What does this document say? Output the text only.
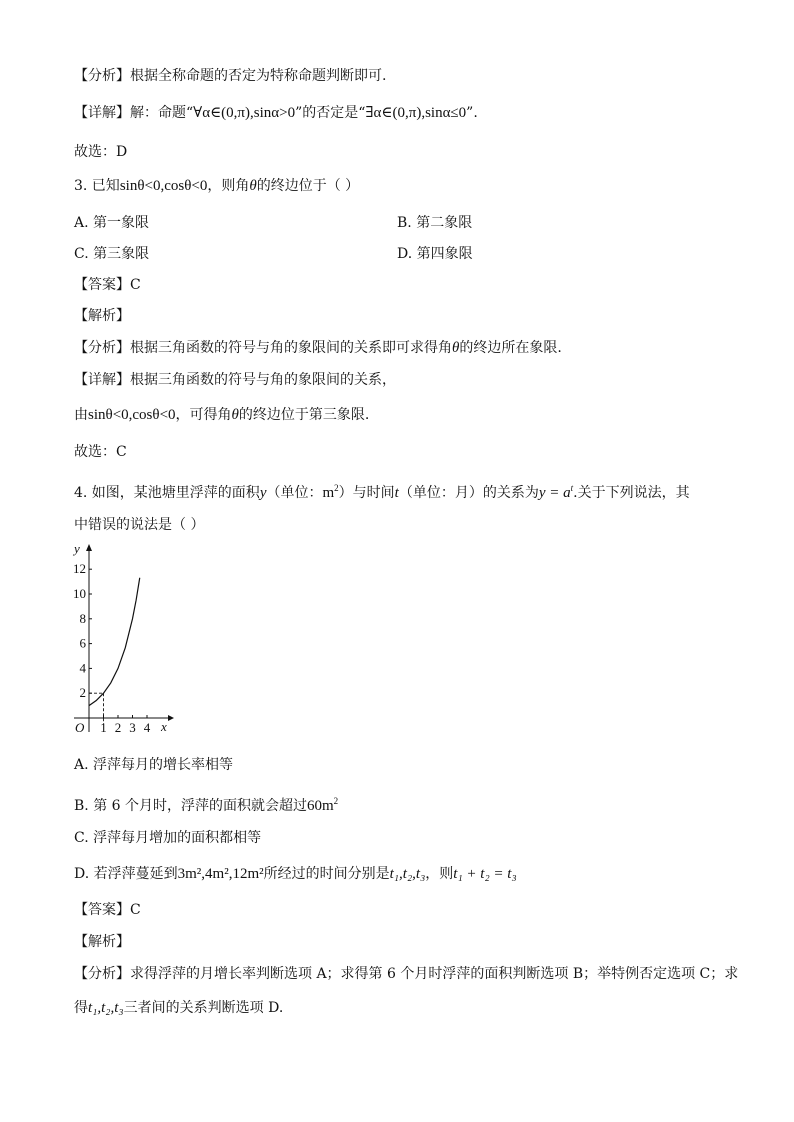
【分析】根据全称命题的否定为特称命题判断即可.
【详解】解：命题“∀α∈(0,π),sinα>0”的否定是“∃α∈(0,π),sinα≤0”.
故选：D
3. 已知sinθ<0,cosθ<0，则角θ的终边位于（ ）
A. 第一象限	B. 第二象限
C. 第三象限	D. 第四象限
【答案】C
【解析】
【分析】根据三角函数的符号与角的象限间的关系即可求得角θ的终边所在象限.
【详解】根据三角函数的符号与角的象限间的关系，
由sinθ<0,cosθ<0，可得角θ的终边位于第三象限.
故选：C
4. 如图，某池塘里浮萍的面积y（单位：$m^2$）与时间t（单位：月）的关系为$y = a^t$.关于下列说法，其
中错误的说法是（ ）
y
x
O
2
4
6
8
10
12
1 2 3 4
A. 浮萍每月的增长率相等
B. 第 6 个月时，浮萍的面积就会超过$60m^2$
C. 浮萍每月增加的面积都相等
D. 若浮萍蔓延到3m²,4m²,12m²所经过的时间分别是t₁,t₂,t₃，则t₁ + t₂ = t₃
【答案】C
【解析】
【分析】求得浮萍的月增长率判断选项 A；求得第 6 个月时浮萍的面积判断选项 B；举特例否定选项 C；求
得t₁,t₂,t₃三者间的关系判断选项 D.
